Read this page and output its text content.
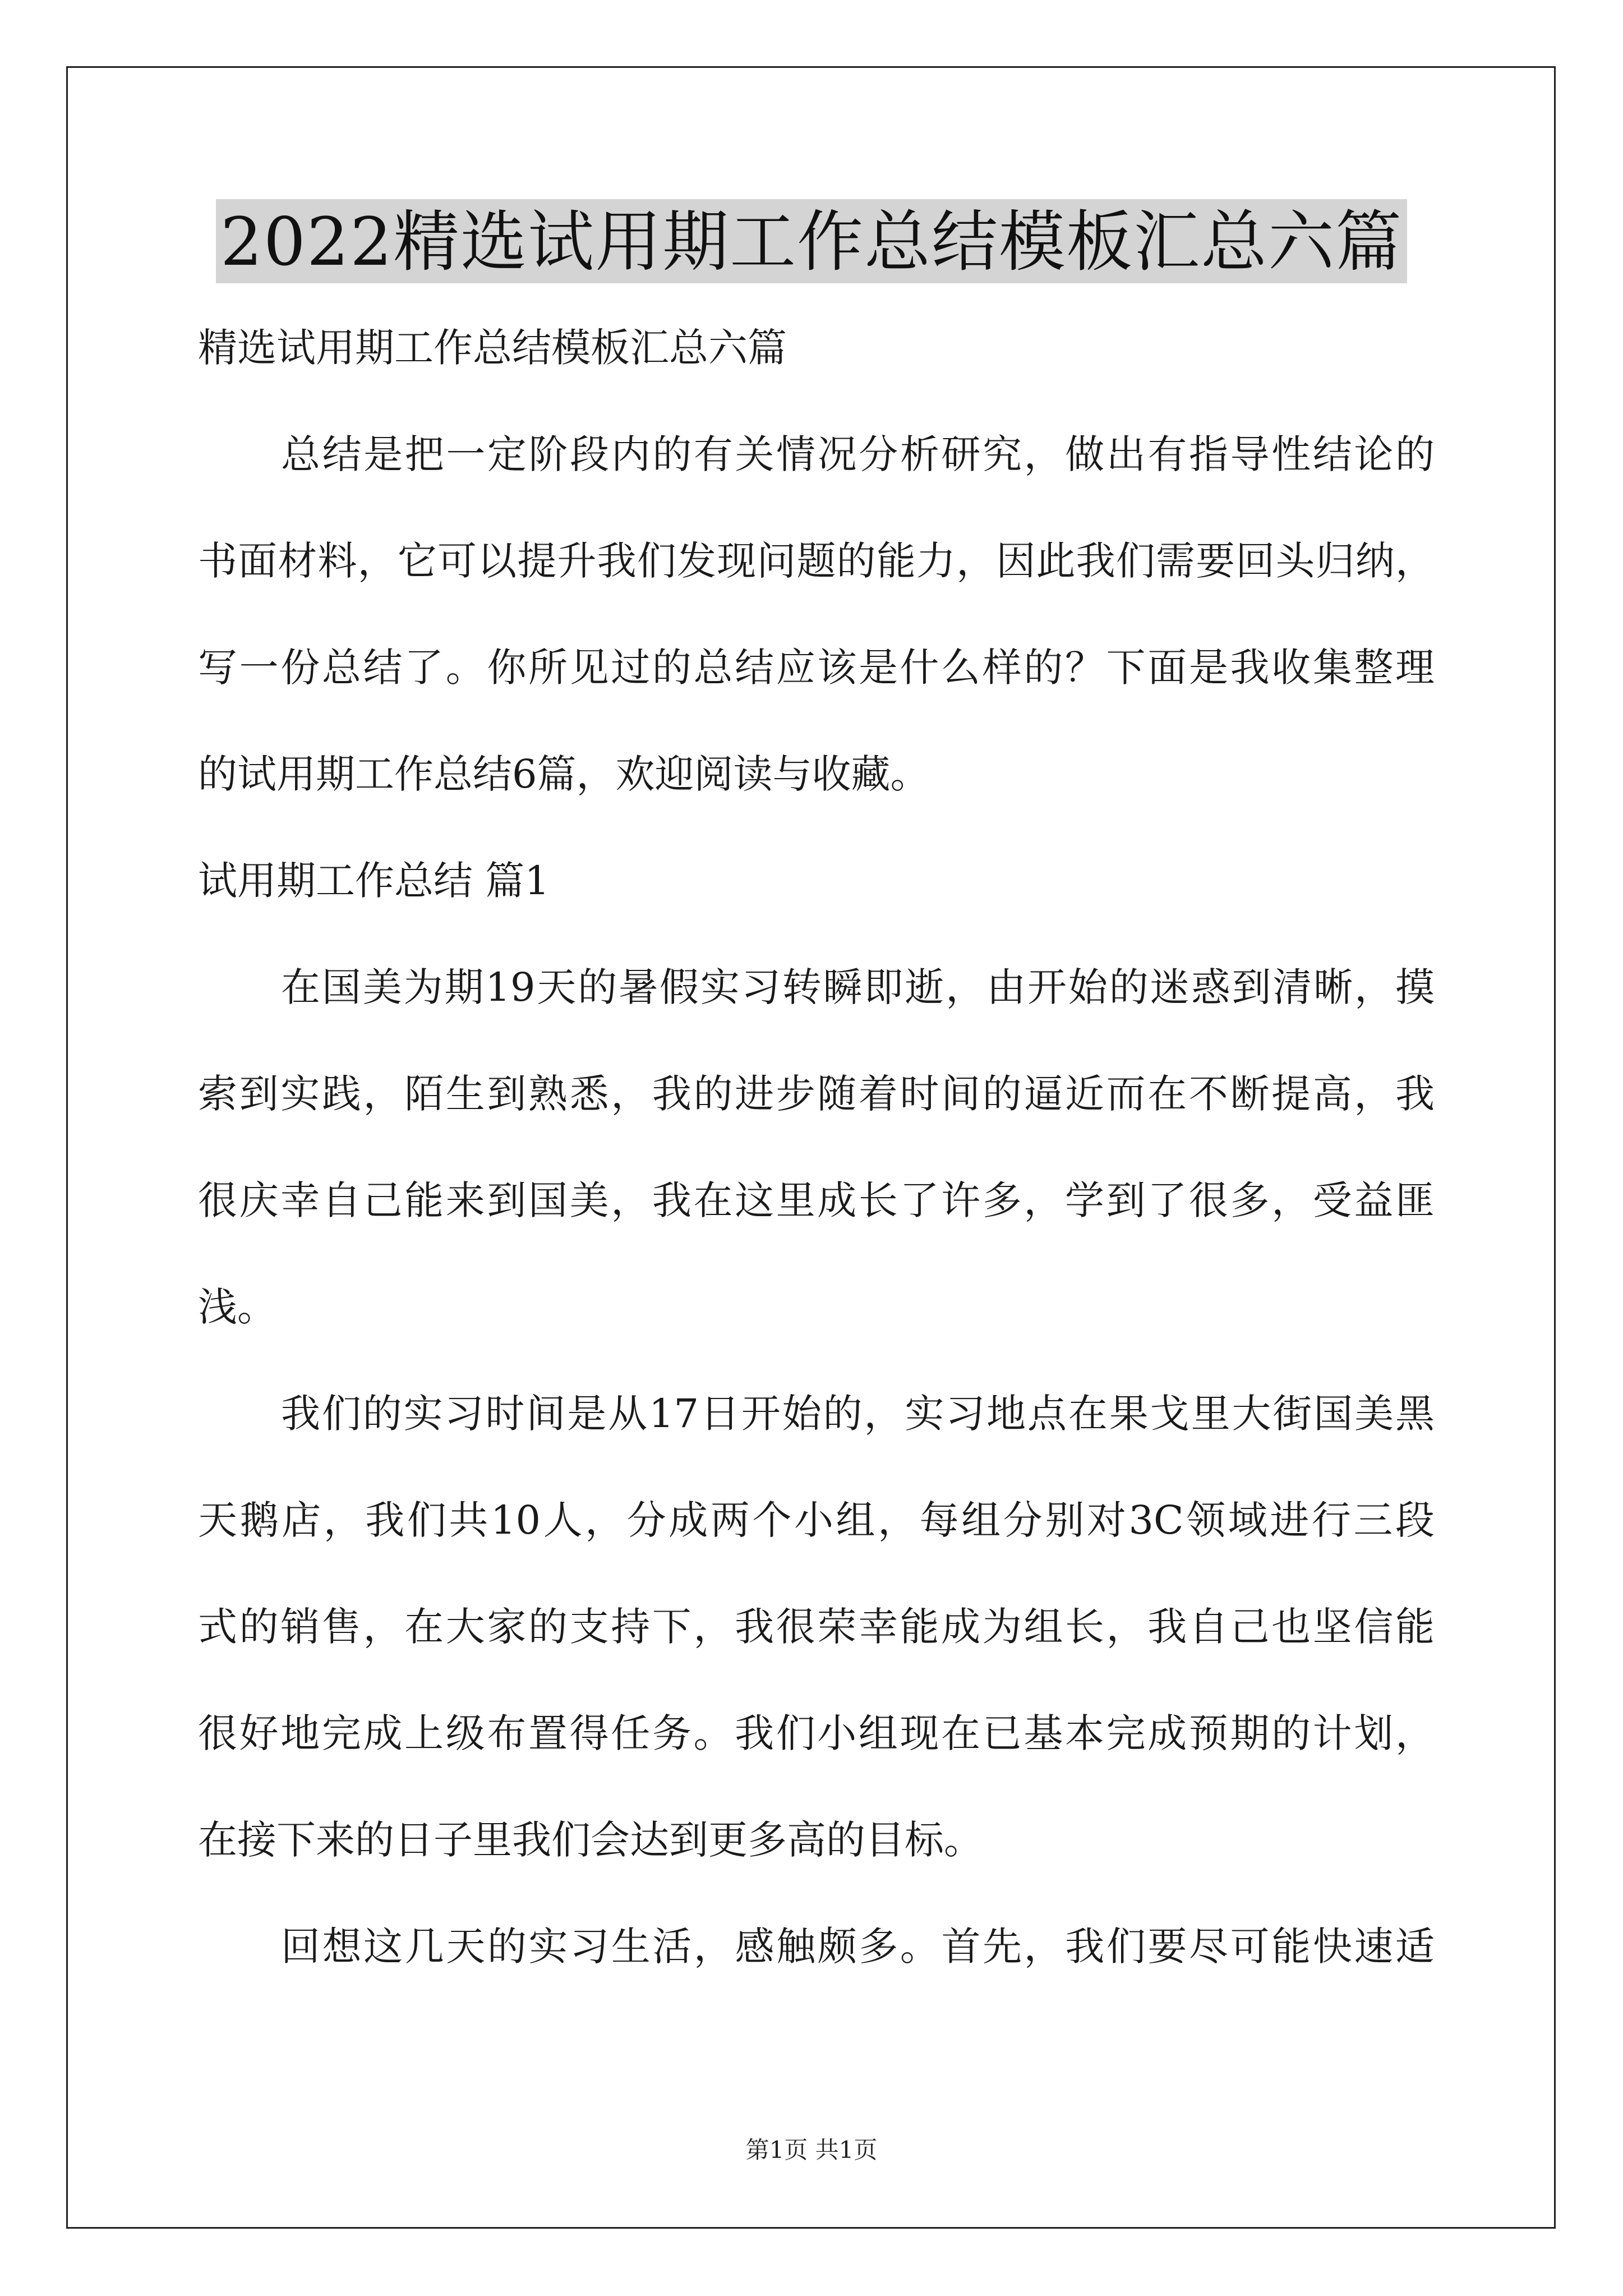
2022精选试用期工作总结模板汇总六篇
精选试用期工作总结模板汇总六篇
总结是把一定阶段内的有关情况分析研究，做出有指导性结论的
书面材料，它可以提升我们发现问题的能力，因此我们需要回头归纳，
写一份总结了。你所见过的总结应该是什么样的？下面是我收集整理
的试用期工作总结6篇，欢迎阅读与收藏。
试用期工作总结 篇1
在国美为期19天的暑假实习转瞬即逝，由开始的迷惑到清晰，摸
索到实践，陌生到熟悉，我的进步随着时间的逼近而在不断提高，我
很庆幸自己能来到国美，我在这里成长了许多，学到了很多，受益匪
浅。
我们的实习时间是从17日开始的，实习地点在果戈里大街国美黑
天鹅店，我们共10人，分成两个小组，每组分别对3C领域进行三段
式的销售，在大家的支持下，我很荣幸能成为组长，我自己也坚信能
很好地完成上级布置得任务。我们小组现在已基本完成预期的计划，
在接下来的日子里我们会达到更多高的目标。
回想这几天的实习生活，感触颇多。首先，我们要尽可能快速适
第1页 共1页
